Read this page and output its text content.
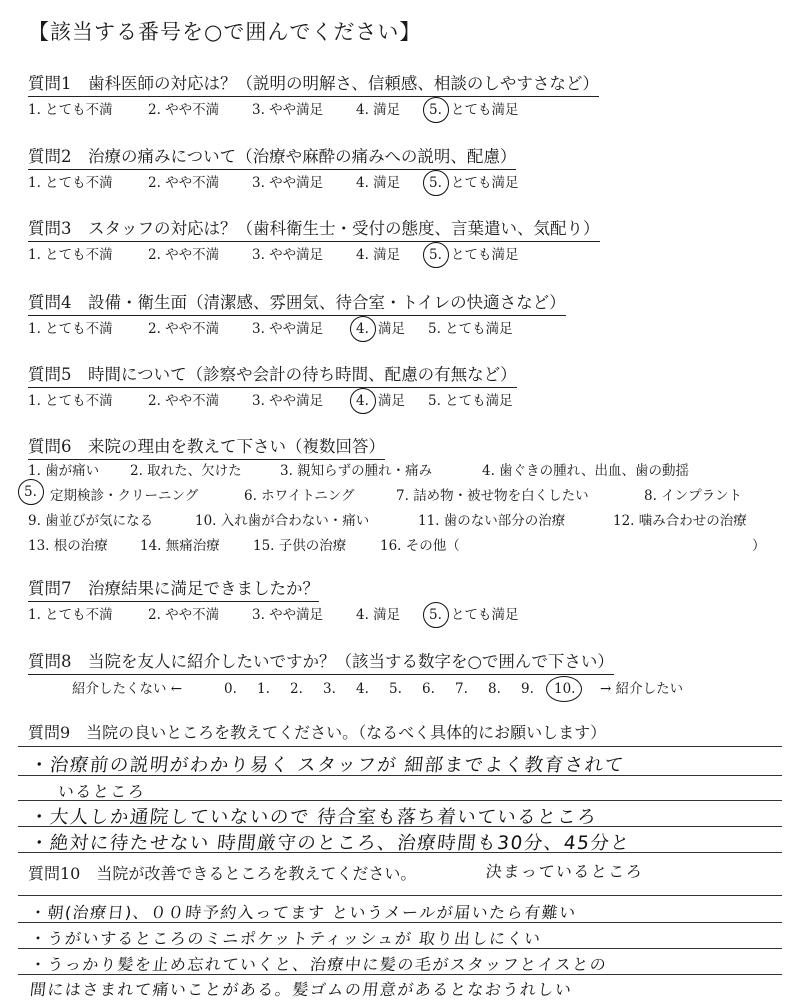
【該当する番号を○で囲んでください】
質問1　歯科医師の対応は？（説明の明解さ、信頼感、相談のしやすさなど）
1. とても不満	2. やや不満 3. やや満足 4. 満足 5. とても満足
質問2　治療の痛みについて（治療や麻酔の痛みへの説明、配慮）
1. とても不満	2. やや不満 3. やや満足 4. 満足 5. とても満足
質問3　スタッフの対応は？（歯科衛生士・受付の態度、言葉遣い、気配り）
1. とても不満	2. やや不満 3. やや満足 4. 満足 5. とても満足
質問4　設備・衛生面（清潔感、雰囲気、待合室・トイレの快適さなど）
1. とても不満	2. やや不満 3. やや満足 4. 満足 5. とても満足
質問5　時間について（診察や会計の待ち時間、配慮の有無など）
1. とても不満	2. やや不満 3. やや満足 4. 満足 5. とても満足
質問6　来院の理由を教えて下さい（複数回答）
1. 歯が痛い 2. 取れた、欠けた	3. 親知らずの腫れ・痛み	4. 歯ぐきの腫れ、出血、歯の動揺
5. 定期検診・クリーニング	6. ホワイトニング	7. 詰め物・被せ物を白くしたい	8. インプラント
9. 歯並びが気になる	10. 入れ歯が合わない・痛い	11. 歯のない部分の治療	12. 噛み合わせの治療
13. 根の治療 14. 無痛治療 15. 子供の治療 16. その他（	）
質問7　治療結果に満足できましたか？
1. とても不満	2. やや不満 3. やや満足 4. 満足 5. とても満足
質問8　当院を友人に紹介したいですか？（該当する数字を○で囲んで下さい）
紹介したくない ←	0. 1. 2. 3. 4. 5. 6. 7. 8. 9. 10. → 紹介したい
質問9　当院の良いところを教えてください。（なるべく具体的にお願いします）
・治療前の説明がわかり易く スタッフが 細部までよく教育されて
いるところ
・大人しか通院していないので 待合室も落ち着いているところ
・絶対に待たせない 時間厳守のところ、治療時間も30分、45分と
決まっているところ
質問10　当院が改善できるところを教えてください。
・朝(治療日)、００時予約入ってます というメールが届いたら有難い
・うがいするところのミニポケットティッシュが 取り出しにくい
・うっかり髪を止め忘れていくと、治療中に髪の毛がスタッフとイスとの
間にはさまれて痛いことがある。髪ゴムの用意があるとなおうれしい
